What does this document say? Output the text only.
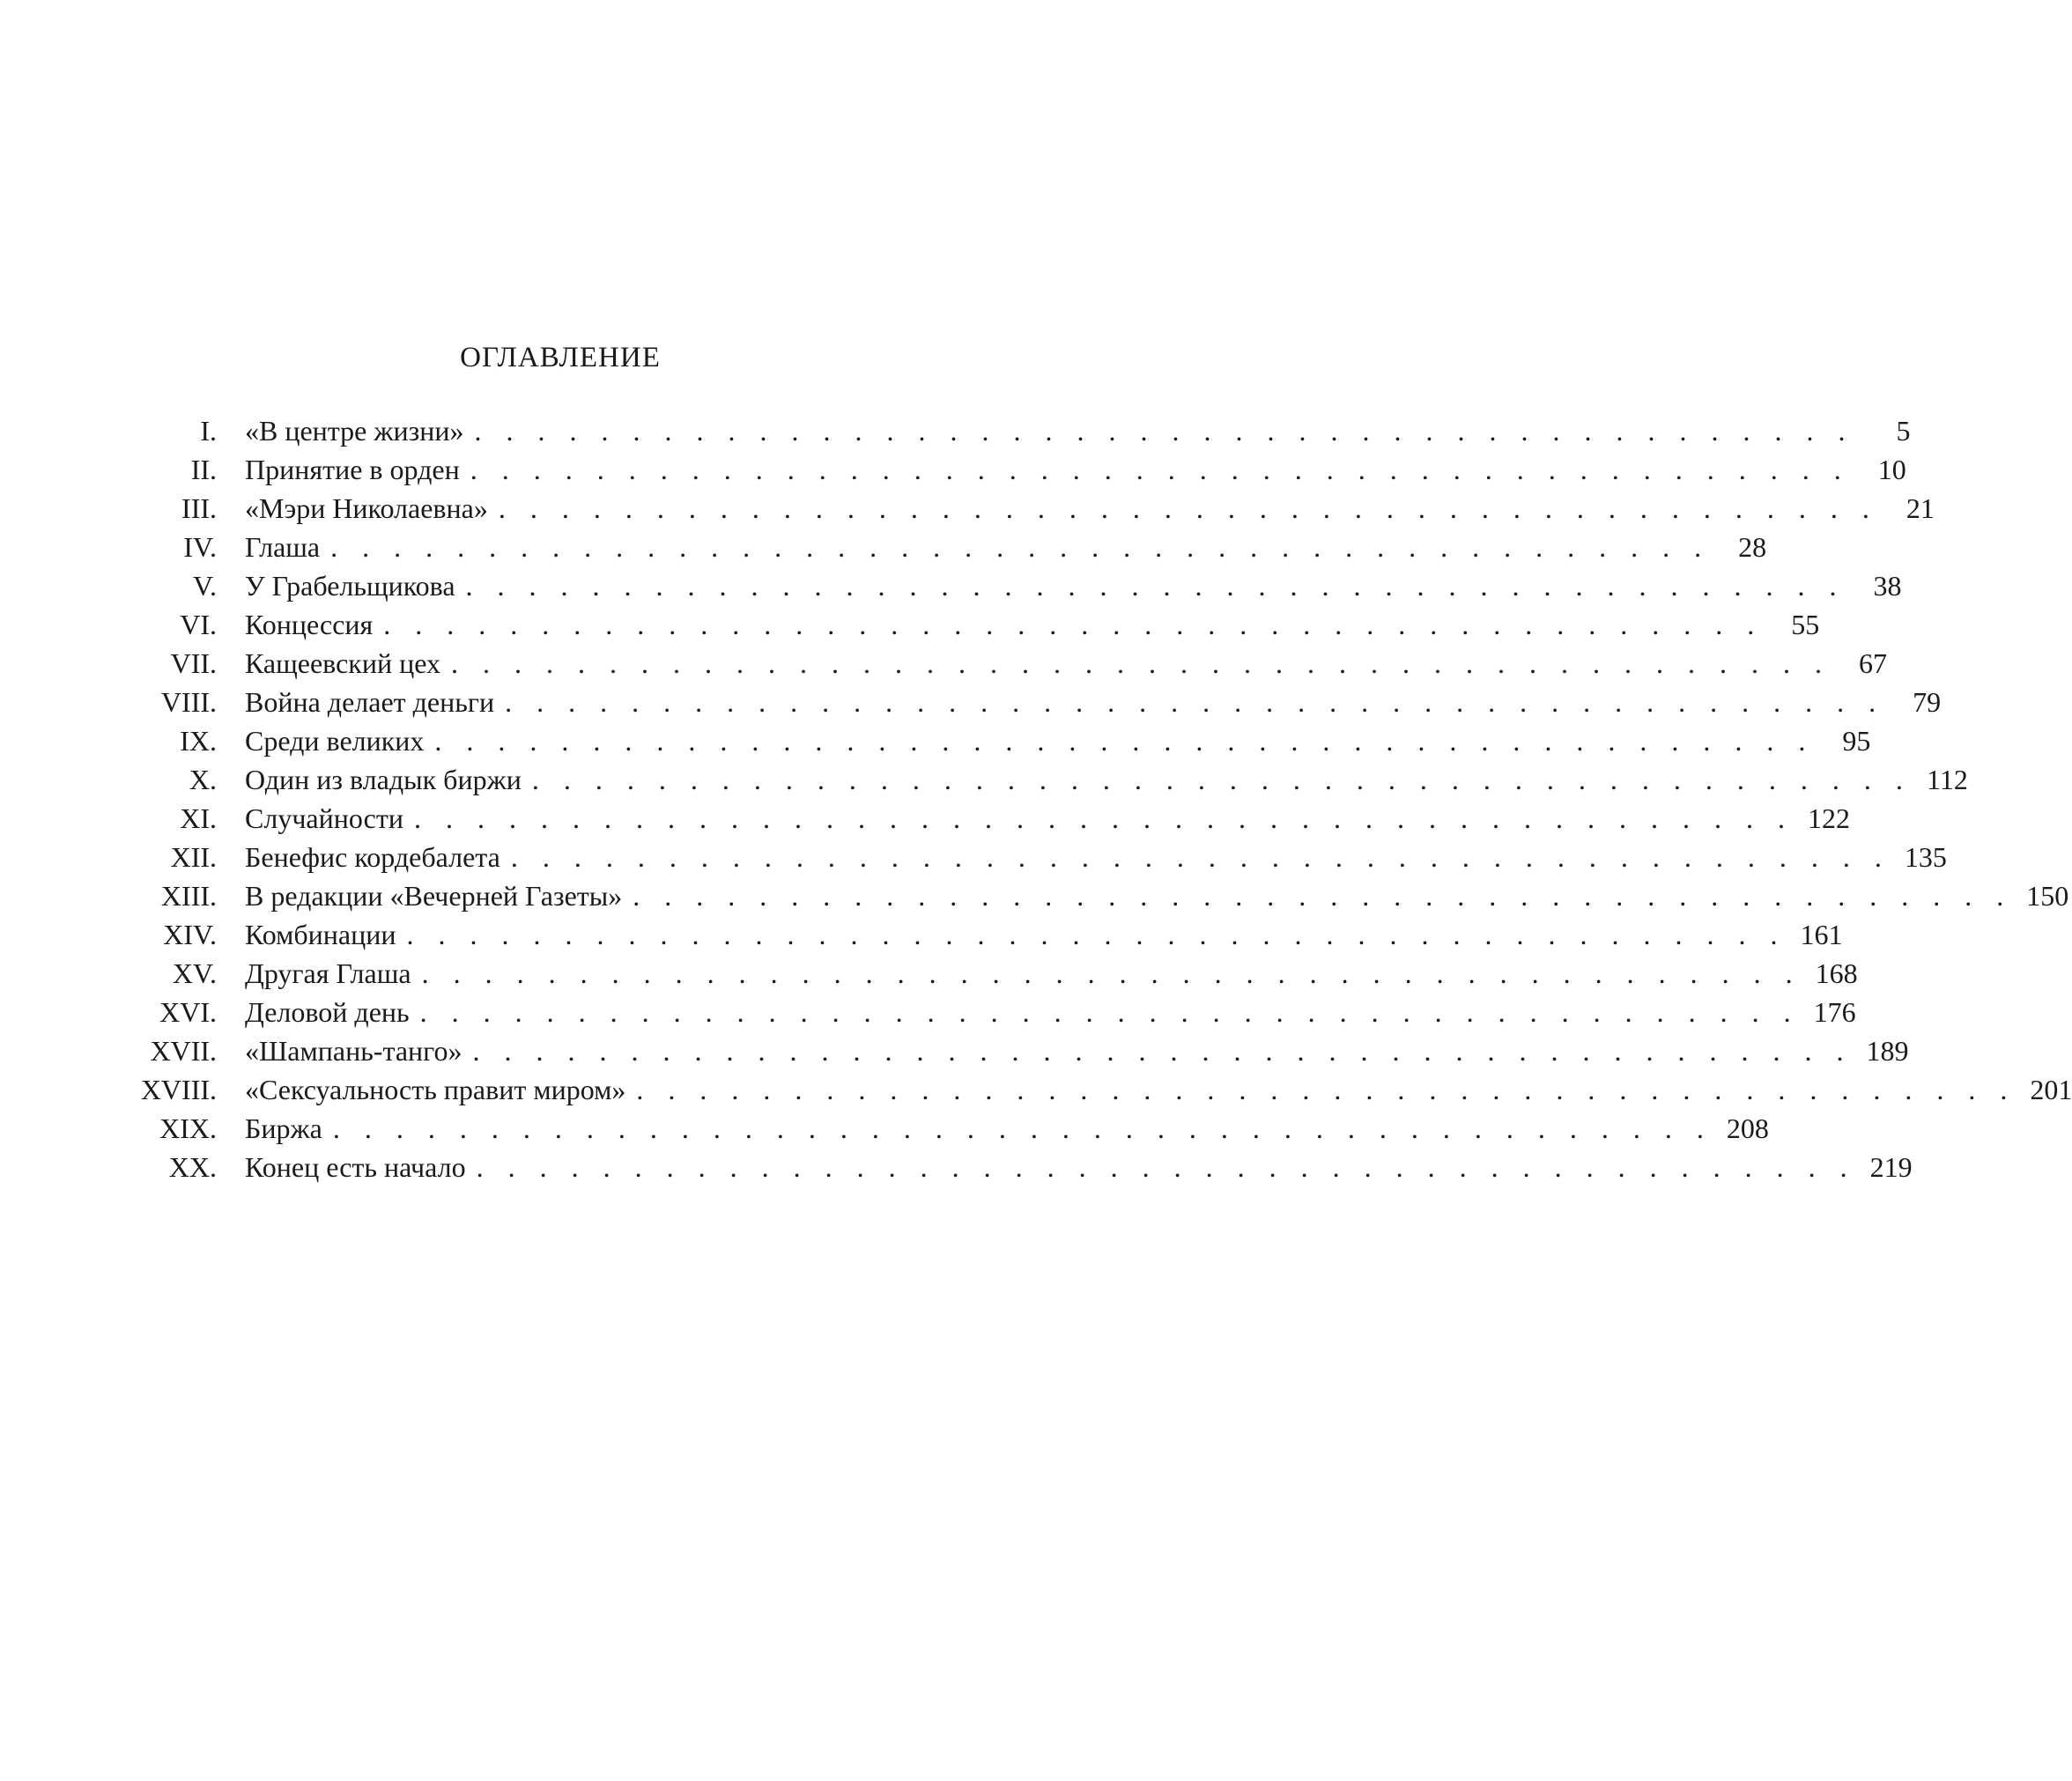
ОГЛАВЛЕНИЕ
I. «В центре жизни» . . . . . . . . . . . . . . . . . . . . . . . . . . . . . . . . . . . . . . . . . . . .	5
II. Принятие в орден . . . . . . . . . . . . . . . . . . . . . . . . . . . . . . . . . . . . . . . . . . . .	10
III. «Мэри Николаевна» . . . . . . . . . . . . . . . . . . . . . . . . . . . . . . . . . . . . . . . . . . . .	21
IV. Глаша . . . . . . . . . . . . . . . . . . . . . . . . . . . . . . . . . . . . . . . . . . . .	28
V. У Грабельщикова . . . . . . . . . . . . . . . . . . . . . . . . . . . . . . . . . . . . . . . . . . . .	38
VI. Концессия . . . . . . . . . . . . . . . . . . . . . . . . . . . . . . . . . . . . . . . . . . . .	55
VII. Кащеевский цех . . . . . . . . . . . . . . . . . . . . . . . . . . . . . . . . . . . . . . . . . . . .	67
VIII. Война делает деньги . . . . . . . . . . . . . . . . . . . . . . . . . . . . . . . . . . . . . . . . . . . .	79
IX. Среди великих . . . . . . . . . . . . . . . . . . . . . . . . . . . . . . . . . . . . . . . . . . . .	95
X. Один из владык биржи . . . . . . . . . . . . . . . . . . . . . . . . . . . . . . . . . . . . . . . . . . . . 112
XI. Случайности . . . . . . . . . . . . . . . . . . . . . . . . . . . . . . . . . . . . . . . . . . . . 122
XII. Бенефис кордебалета . . . . . . . . . . . . . . . . . . . . . . . . . . . . . . . . . . . . . . . . . . . . 135
XIII. В редакции «Вечерней Газеты» . . . . . . . . . . . . . . . . . . . . . . . . . . . . . . . . . . . . . . . . . . . . 150
XIV. Комбинации . . . . . . . . . . . . . . . . . . . . . . . . . . . . . . . . . . . . . . . . . . . . 161
XV. Другая Глаша . . . . . . . . . . . . . . . . . . . . . . . . . . . . . . . . . . . . . . . . . . . . 168
XVI. Деловой день . . . . . . . . . . . . . . . . . . . . . . . . . . . . . . . . . . . . . . . . . . . . 176
XVII. «Шампань-танго» . . . . . . . . . . . . . . . . . . . . . . . . . . . . . . . . . . . . . . . . . . . . 189
XVIII. «Сексуальность правит миром» . . . . . . . . . . . . . . . . . . . . . . . . . . . . . . . . . . . . . . . . . . . . 201
XIX. Биржа . . . . . . . . . . . . . . . . . . . . . . . . . . . . . . . . . . . . . . . . . . . . 208
XX. Конец есть начало . . . . . . . . . . . . . . . . . . . . . . . . . . . . . . . . . . . . . . . . . . . . 219
